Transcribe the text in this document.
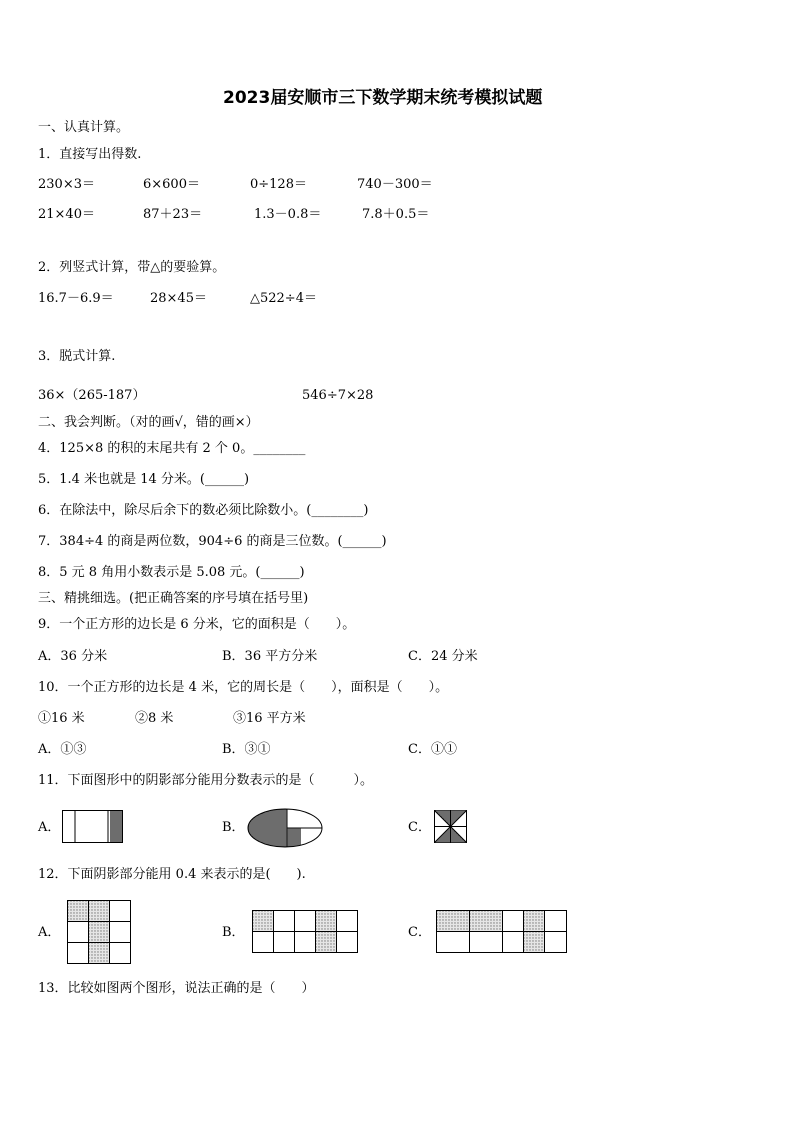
2023届安顺市三下数学期末统考模拟试题
一、认真计算。
1．直接写出得数.
230×3＝	6×600＝	0÷128＝	740－300＝
21×40＝	87＋23＝	1.3－0.8＝	7.8＋0.5＝
2．列竖式计算，带△的要验算。
16.7－6.9＝	28×45＝	△522÷4＝
3．脱式计算.
36×（265-187）	546÷7×28
二、我会判断。（对的画√，错的画×）
4．125×8 的积的末尾共有 2 个 0。________
5．1.4 米也就是 14 分米。(______)
6．在除法中，除尽后余下的数必须比除数小。(________)
7．384÷4 的商是两位数，904÷6 的商是三位数。(______)
8．5 元 8 角用小数表示是 5.08 元。(______)
三、精挑细选。(把正确答案的序号填在括号里)
9．一个正方形的边长是 6 分米，它的面积是（　　）。
A．36 分米	B．36 平方分米	C．24 分米
10．一个正方形的边长是 4 米，它的周长是（　　），面积是（　　）。
①16 米	②8 米	③16 平方米
A．①③	B．③①	C．①①
11．下面图形中的阴影部分能用分数表示的是（　　　）。
A．	B．	C．
12．下面阴影部分能用 0.4 来表示的是(　　).
A．	B．	C．
13．比较如图两个图形，说法正确的是（　　）
